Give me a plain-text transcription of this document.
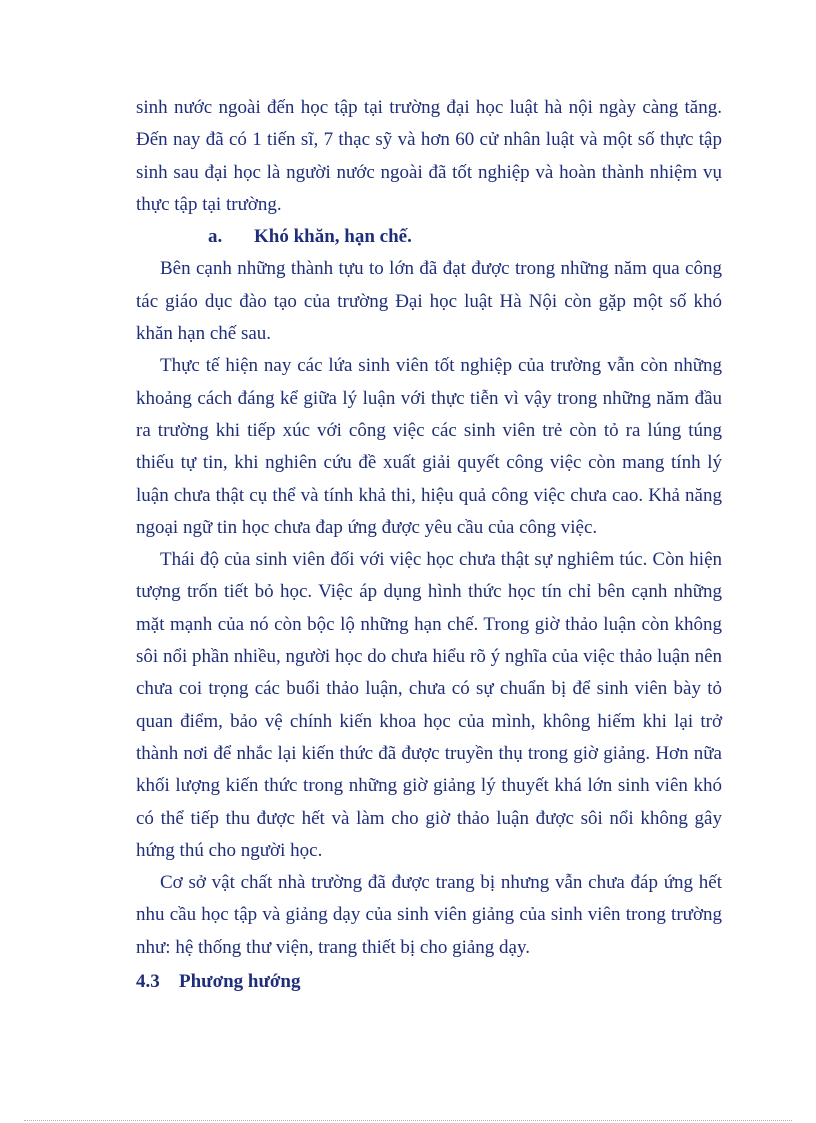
sinh nước ngoài đến học tập tại trường đại học luật hà nội ngày càng tăng. Đến nay đã có 1 tiến sĩ, 7 thạc sỹ và hơn 60 cử nhân luật và một số thực tập sinh sau đại học là người nước ngoài đã tốt nghiệp và hoàn thành nhiệm vụ thực tập tại trường.

a. Khó khăn, hạn chế.

Bên cạnh những thành tựu to lớn đã đạt được trong những năm qua công tác giáo dục đào tạo của trường Đại học luật Hà Nội còn gặp một số khó khăn hạn chế sau.

Thực tế hiện nay các lứa sinh viên tốt nghiệp của trường vẫn còn những khoảng cách đáng kể giữa lý luận với thực tiễn vì vậy trong những năm đầu ra trường khi tiếp xúc với công việc các sinh viên trẻ còn tỏ ra lúng túng thiếu tự tin, khi nghiên cứu đề xuất giải quyết công việc còn mang tính lý luận chưa thật cụ thể và tính khả thi, hiệu quả công việc chưa cao. Khả năng ngoại ngữ tin học chưa đap ứng được yêu cầu của công việc.

Thái độ của sinh viên đối với việc học chưa thật sự nghiêm túc. Còn hiện tượng trốn tiết bỏ học. Việc áp dụng hình thức học tín chỉ bên cạnh những mặt mạnh của nó còn bộc lộ những hạn chế. Trong giờ thảo luận còn không sôi nổi phần nhiều, người học do chưa hiểu rõ ý nghĩa của việc thảo luận nên chưa coi trọng các buổi thảo luận, chưa có sự chuẩn bị để sinh viên bày tỏ quan điểm, bảo vệ chính kiến khoa học của mình, không hiếm khi lại trở thành nơi để nhắc lại kiến thức đã được truyền thụ trong giờ giảng. Hơn nữa khối lượng kiến thức trong những giờ giảng lý thuyết khá lớn sinh viên khó có thể tiếp thu được hết và làm cho giờ thảo luận được sôi nổi không gây hứng thú cho người học.

Cơ sở vật chất nhà trường đã được trang bị nhưng vẫn chưa đáp ứng hết nhu cầu học tập và giảng dạy của sinh viên giảng của sinh viên trong trường như: hệ thống thư viện, trang thiết bị cho giảng dạy.

4.3 Phương hướng
